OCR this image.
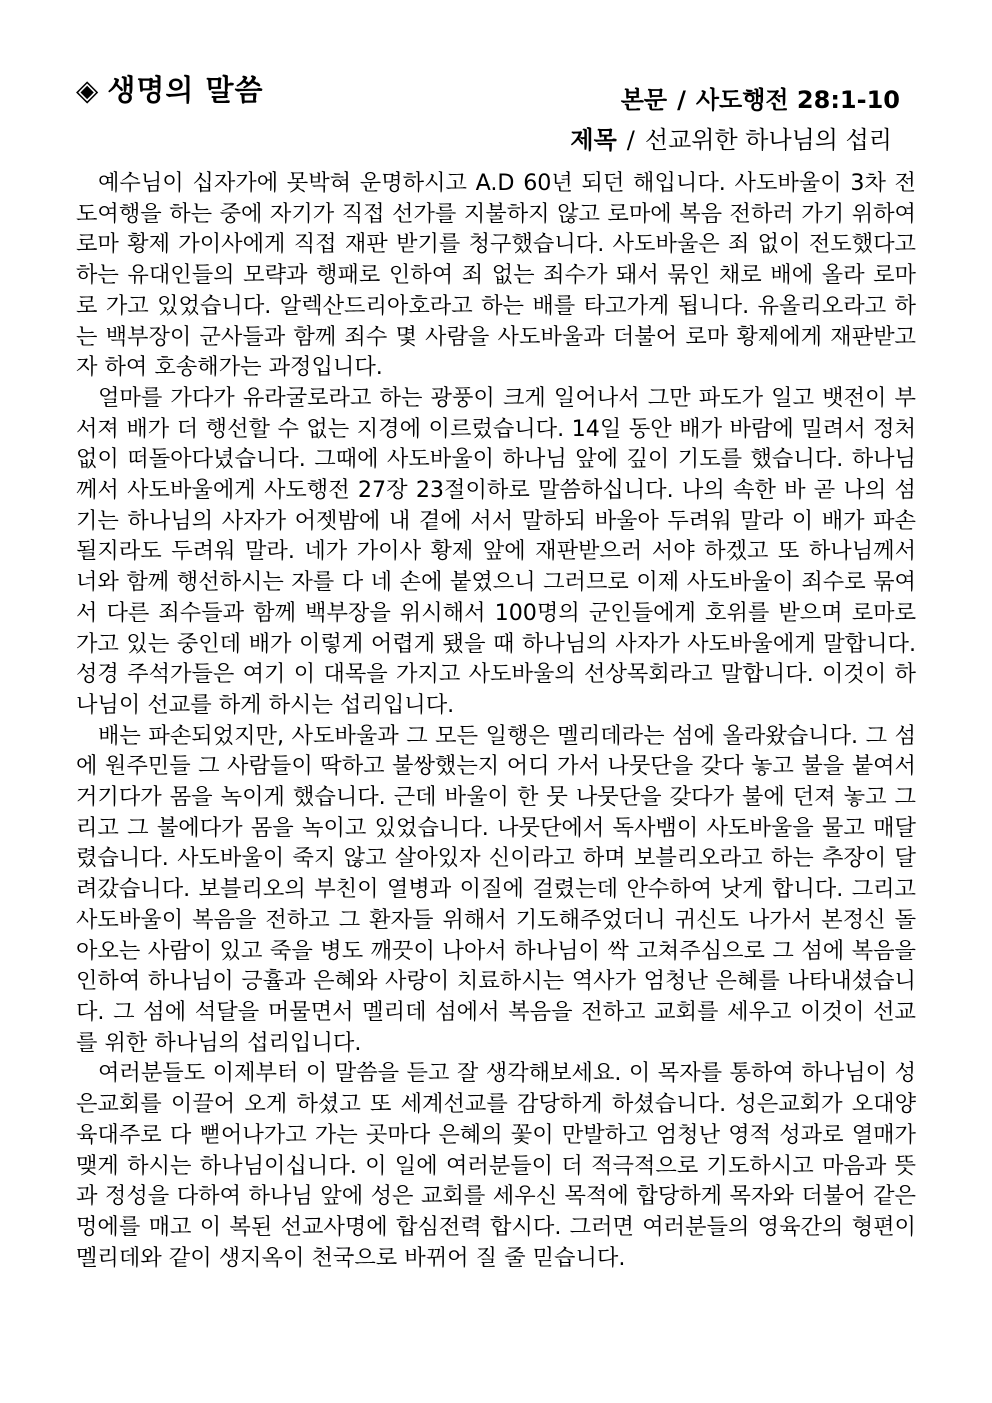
◈ 생명의 말씀	본문 / 사도행전 28:1-10
제목 / 선교위한 하나님의 섭리

예수님이 십자가에 못박혀 운명하시고 A.D 60년 되던 해입니다. 사도바울이 3차 전도여행을 하는 중에 자기가 직접 선가를 지불하지 않고 로마에 복음 전하러 가기 위하여 로마 황제 가이사에게 직접 재판 받기를 청구했습니다. 사도바울은 죄 없이 전도했다고 하는 유대인들의 모략과 행패로 인하여 죄 없는 죄수가 돼서 묶인 채로 배에 올라 로마로 가고 있었습니다. 알렉산드리아호라고 하는 배를 타고가게 됩니다. 유올리오라고 하는 백부장이 군사들과 함께 죄수 몇 사람을 사도바울과 더불어 로마 황제에게 재판받고자 하여 호송해가는 과정입니다.

얼마를 가다가 유라굴로라고 하는 광풍이 크게 일어나서 그만 파도가 일고 뱃전이 부서져 배가 더 행선할 수 없는 지경에 이르렀습니다. 14일 동안 배가 바람에 밀려서 정처 없이 떠돌아다녔습니다. 그때에 사도바울이 하나님 앞에 깊이 기도를 했습니다. 하나님께서 사도바울에게 사도행전 27장 23절이하로 말씀하십니다. 나의 속한 바 곧 나의 섬기는 하나님의 사자가 어젯밤에 내 곁에 서서 말하되 바울아 두려워 말라 이 배가 파손될지라도 두려워 말라. 네가 가이사 황제 앞에 재판받으러 서야 하겠고 또 하나님께서 너와 함께 행선하시는 자를 다 네 손에 붙였으니 그러므로 이제 사도바울이 죄수로 묶여서 다른 죄수들과 함께 백부장을 위시해서 100명의 군인들에게 호위를 받으며 로마로 가고 있는 중인데 배가 이렇게 어렵게 됐을 때 하나님의 사자가 사도바울에게 말합니다. 성경 주석가들은 여기 이 대목을 가지고 사도바울의 선상목회라고 말합니다. 이것이 하나님이 선교를 하게 하시는 섭리입니다.

배는 파손되었지만, 사도바울과 그 모든 일행은 멜리데라는 섬에 올라왔습니다. 그 섬에 원주민들 그 사람들이 딱하고 불쌍했는지 어디 가서 나뭇단을 갖다 놓고 불을 붙여서 거기다가 몸을 녹이게 했습니다. 근데 바울이 한 뭇 나뭇단을 갖다가 불에 던져 놓고 그리고 그 불에다가 몸을 녹이고 있었습니다. 나뭇단에서 독사뱀이 사도바울을 물고 매달렸습니다. 사도바울이 죽지 않고 살아있자 신이라고 하며 보블리오라고 하는 추장이 달려갔습니다. 보블리오의 부친이 열병과 이질에 걸렸는데 안수하여 낫게 합니다. 그리고 사도바울이 복음을 전하고 그 환자들 위해서 기도해주었더니 귀신도 나가서 본정신 돌아오는 사람이 있고 죽을 병도 깨끗이 나아서 하나님이 싹 고쳐주심으로 그 섬에 복음을 인하여 하나님이 긍휼과 은혜와 사랑이 치료하시는 역사가 엄청난 은혜를 나타내셨습니다. 그 섬에 석달을 머물면서 멜리데 섬에서 복음을 전하고 교회를 세우고 이것이 선교를 위한 하나님의 섭리입니다.

여러분들도 이제부터 이 말씀을 듣고 잘 생각해보세요. 이 목자를 통하여 하나님이 성은교회를 이끌어 오게 하셨고 또 세계선교를 감당하게 하셨습니다. 성은교회가 오대양 육대주로 다 뻗어나가고 가는 곳마다 은혜의 꽃이 만발하고 엄청난 영적 성과로 열매가 맺게 하시는 하나님이십니다. 이 일에 여러분들이 더 적극적으로 기도하시고 마음과 뜻과 정성을 다하여 하나님 앞에 성은 교회를 세우신 목적에 합당하게 목자와 더불어 같은 멍에를 매고 이 복된 선교사명에 합심전력 합시다. 그러면 여러분들의 영육간의 형편이 멜리데와 같이 생지옥이 천국으로 바뀌어 질 줄 믿습니다.
